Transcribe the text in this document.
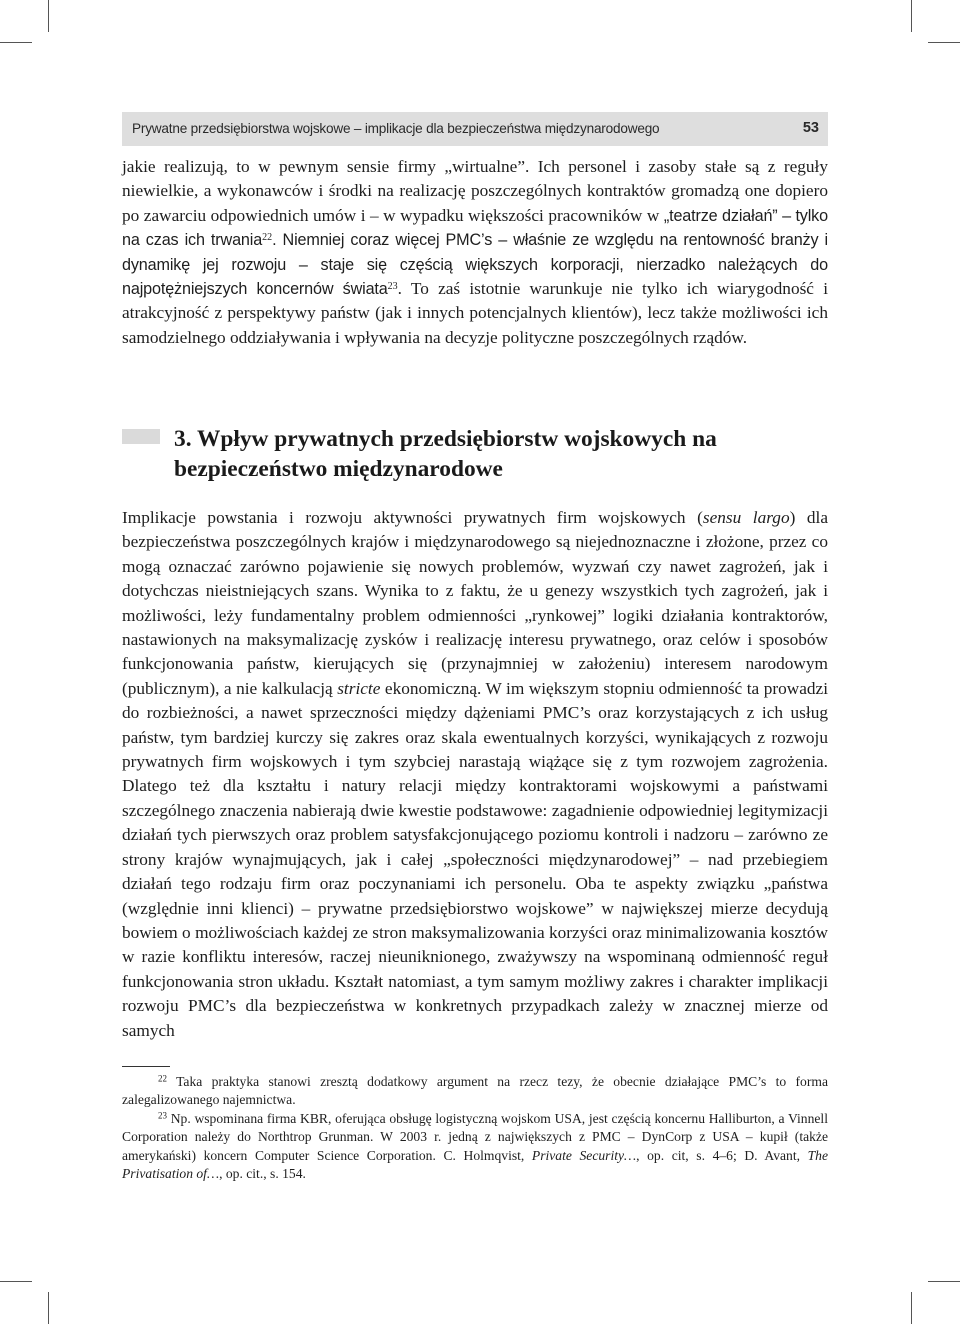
Prywatne przedsiębiorstwa wojskowe – implikacje dla bezpieczeństwa międzynarodowego	53

jakie realizują, to w pewnym sensie firmy „wirtualne”. Ich personel i zasoby stałe są z reguły niewielkie, a wykonawców i środki na realizację poszczególnych kontraktów gromadzą one dopiero po zawarciu odpowiednich umów i – w wypadku większości pracowników w „teatrze działań” – tylko na czas ich trwania$^{22}$. Niemniej coraz więcej PMC’s – właśnie ze względu na rentowność branży i dynamikę jej rozwoju – staje się częścią większych korporacji, nierzadko należących do najpotężniejszych koncernów świata$^{23}$. To zaś istotnie warunkuje nie tylko ich wiarygodność i atrakcyjność z perspektywy państw (jak i innych potencjalnych klientów), lecz także możliwości ich samodzielnego oddziaływania i wpływania na decyzje polityczne poszczególnych rządów.

3. Wpływ prywatnych przedsiębiorstw wojskowych na bezpieczeństwo międzynarodowe

Implikacje powstania i rozwoju aktywności prywatnych firm wojskowych (sensu largo) dla bezpieczeństwa poszczególnych krajów i międzynarodowego są niejednoznaczne i złożone, przez co mogą oznaczać zarówno pojawienie się nowych problemów, wyzwań czy nawet zagrożeń, jak i dotychczas nieistniejących szans. Wynika to z faktu, że u genezy wszystkich tych zagrożeń, jak i możliwości, leży fundamentalny problem odmienności „rynkowej” logiki działania kontraktorów, nastawionych na maksymalizację zysków i realizację interesu prywatnego, oraz celów i sposobów funkcjonowania państw, kierujących się (przynajmniej w założeniu) interesem narodowym (publicznym), a nie kalkulacją stricte ekonomiczną. W im większym stopniu odmienność ta prowadzi do rozbieżności, a nawet sprzeczności między dążeniami PMC’s oraz korzystających z ich usług państw, tym bardziej kurczy się zakres oraz skala ewentualnych korzyści, wynikających z rozwoju prywatnych firm wojskowych i tym szybciej narastają wiążące się z tym rozwojem zagrożenia. Dlatego też dla kształtu i natury relacji między kontraktorami wojskowymi a państwami szczególnego znaczenia nabierają dwie kwestie podstawowe: zagadnienie odpowiedniej legitymizacji działań tych pierwszych oraz problem satysfakcjonującego poziomu kontroli i nadzoru – zarówno ze strony krajów wynajmujących, jak i całej „społeczności międzynarodowej” – nad przebiegiem działań tego rodzaju firm oraz poczynaniami ich personelu. Oba te aspekty związku „państwa (względnie inni klienci) – prywatne przedsiębiorstwo wojskowe” w największej mierze decydują bowiem o możliwościach każdej ze stron maksymalizowania korzyści oraz minimalizowania kosztów w razie konfliktu interesów, raczej nieuniknionego, zważywszy na wspominaną odmienność reguł funkcjonowania stron układu. Kształt natomiast, a tym samym możliwy zakres i charakter implikacji rozwoju PMC’s dla bezpieczeństwa w konkretnych przypadkach zależy w znacznej mierze od samych

$^{22}$ Taka praktyka stanowi zresztą dodatkowy argument na rzecz tezy, że obecnie działające PMC’s to forma zalegalizowanego najemnictwa.

$^{23}$ Np. wspominana firma KBR, oferująca obsługę logistyczną wojskom USA, jest częścią koncernu Halliburton, a Vinnell Corporation należy do Northtrop Grunman. W 2003 r. jedną z największych z PMC – DynCorp z USA – kupił (także amerykański) koncern Computer Science Corporation. C. Holmqvist, Private Security…, op. cit, s. 4–6; D. Avant, The Privatisation of…, op. cit., s. 154.
